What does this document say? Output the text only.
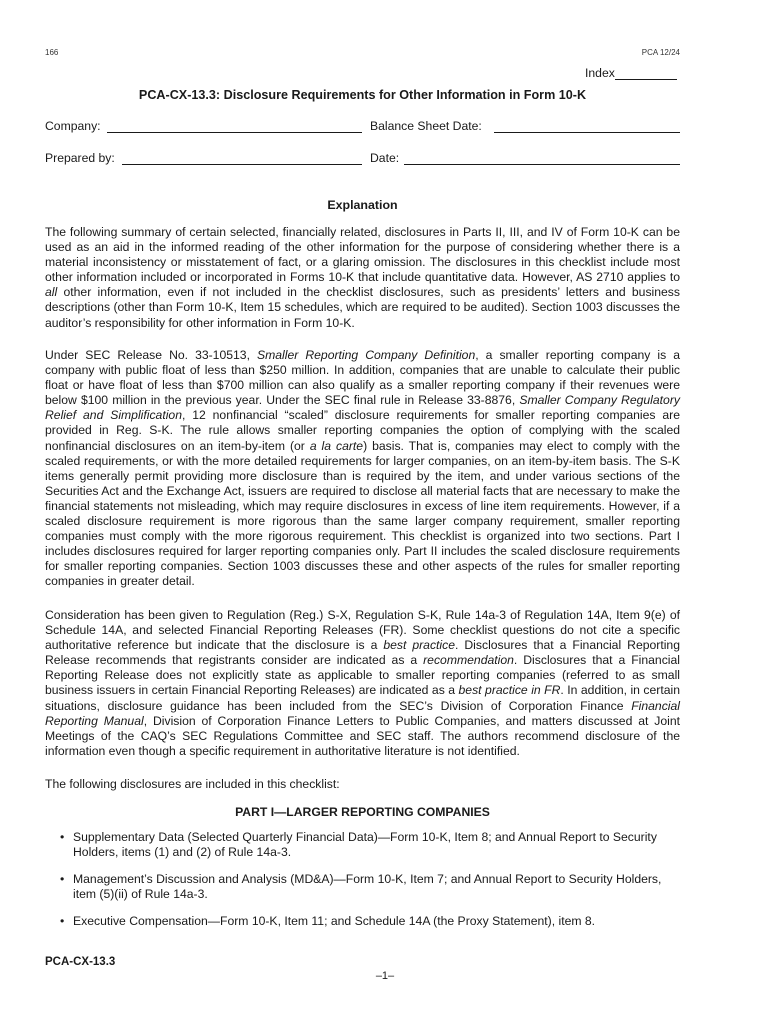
166	PCA 12/24
Index
PCA-CX-13.3: Disclosure Requirements for Other Information in Form 10-K
Company:	Balance Sheet Date:
Prepared by:	Date:
Explanation

The following summary of certain selected, financially related, disclosures in Parts II, III, and IV of Form 10-K can be used as an aid in the informed reading of the other information for the purpose of considering whether there is a material inconsistency or misstatement of fact, or a glaring omission. The disclosures in this checklist include most other information included or incorporated in Forms 10-K that include quantitative data. However, AS 2710 applies to all other information, even if not included in the checklist disclosures, such as presidents’ letters and business descriptions (other than Form 10-K, Item 15 schedules, which are required to be audited). Section 1003 discusses the auditor’s responsibility for other information in Form 10-K.

Under SEC Release No. 33-10513, Smaller Reporting Company Definition, a smaller reporting company is a company with public float of less than $250 million. In addition, companies that are unable to calculate their public float or have float of less than $700 million can also qualify as a smaller reporting company if their revenues were below $100 million in the previous year. Under the SEC final rule in Release 33-8876, Smaller Company Regulatory Relief and Simplification, 12 nonfinancial “scaled” disclosure requirements for smaller reporting companies are provided in Reg. S-K. The rule allows smaller reporting companies the option of complying with the scaled nonfinancial disclosures on an item-by-item (or a la carte) basis. That is, companies may elect to comply with the scaled requirements, or with the more detailed requirements for larger companies, on an item-by-item basis. The S-K items generally permit providing more disclosure than is required by the item, and under various sections of the Securities Act and the Exchange Act, issuers are required to disclose all material facts that are necessary to make the financial statements not misleading, which may require disclosures in excess of line item requirements. However, if a scaled disclosure requirement is more rigorous than the same larger company requirement, smaller reporting companies must comply with the more rigorous requirement. This checklist is organized into two sections. Part I includes disclosures required for larger reporting companies only. Part II includes the scaled disclosure requirements for smaller reporting companies. Section 1003 discusses these and other aspects of the rules for smaller reporting companies in greater detail.

Consideration has been given to Regulation (Reg.) S-X, Regulation S-K, Rule 14a-3 of Regulation 14A, Item 9(e) of Schedule 14A, and selected Financial Reporting Releases (FR). Some checklist questions do not cite a specific authoritative reference but indicate that the disclosure is a best practice. Disclosures that a Financial Reporting Release recommends that registrants consider are indicated as a recommendation. Disclosures that a Financial Reporting Release does not explicitly state as applicable to smaller reporting companies (referred to as small business issuers in certain Financial Reporting Releases) are indicated as a best practice in FR. In addition, in certain situations, disclosure guidance has been included from the SEC’s Division of Corporation Finance Financial Reporting Manual, Division of Corporation Finance Letters to Public Companies, and matters discussed at Joint Meetings of the CAQ’s SEC Regulations Committee and SEC staff. The authors recommend disclosure of the information even though a specific requirement in authoritative literature is not identified.

The following disclosures are included in this checklist:

PART I—LARGER REPORTING COMPANIES
• Supplementary Data (Selected Quarterly Financial Data)—Form 10-K, Item 8; and Annual Report to Security Holders, items (1) and (2) of Rule 14a-3.
• Management’s Discussion and Analysis (MD&A)—Form 10-K, Item 7; and Annual Report to Security Holders, item (5)(ii) of Rule 14a-3.
• Executive Compensation—Form 10-K, Item 11; and Schedule 14A (the Proxy Statement), item 8.
PCA-CX-13.3
–1–
